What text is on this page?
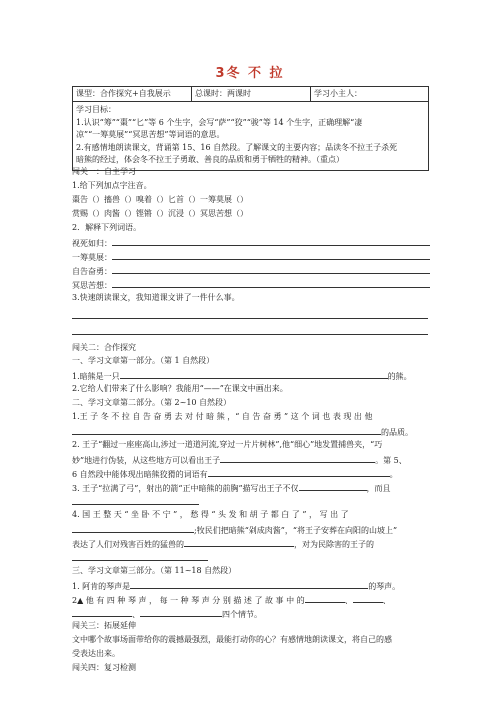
3冬 不 拉
课型：合作探究+自我展示	总课时：两课时	学习小主人：
学习目标：
1.认识“筹”“棗”“匕”等 6 个生字，会写“萨”“狡”“骏”等 14 个生字，正确理解“凄
凉”“一筹莫展”“冥思苦想”等词语的意思。
2.有感情地朗读课文，背诵第 15、16 自然段。了解课文的主要内容；品读冬不拉王子杀死
暗熊的经过，体会冬不拉王子勇敢、善良的品质和勇于牺牲的精神。（重点）
闯关一：自主学习
1.给下列加点字注音。
棗告（）搐兽（）嗅着（）匕首（）一筹莫展（）
赏赐（）肉酱（）铿锵（）沉浸（）冥思苦想（）
2．解释下列词语。
视死如归：
一筹莫展：
自告奋勇：
冥思苦想：
3.快速朗读课文，我知道课文讲了一件什么事。
闯关二：合作探究
一、学习文章第一部分。（第 1 自然段）
1.暗熊是一只	的熊。
2.它给人们带来了什么影响？我能用“——”在课文中画出来。
二、学习文章第二部分。（第 2~10 自然段）
1.王 子 冬 不 拉 自 告 奋 勇 去 对 付 暗 熊 ，“ 自 告 奋 勇 ” 这 个 词 也 表 现 出 他
的品质。
2. 王子“翻过一座座高山,涉过一道道河流,穿过一片片树林”,他“细心”地发置捕兽夹，“巧
妙”地进行伪装，从这些地方可以看出王子	。第 5、
6 自然段中能体现出暗熊狡猾的词语有	。
3. 王子“拉满了弓”，射出的箭“正中暗熊的前胸”描写出王子不仅	，而且
4. 国 王 整 天 “ 坐 卧 不 宁 ” ， 愁 得 “ 头 发 和 胡 子 都 白 了 ” ， 写 出 了
;牧民们把暗熊“剁成肉酱”，“将王子安葬在向阳的山坡上”
表达了人们对残害百姓的猛兽的	，对为民除害的王子的
三、学习文章第三部分。（第 11~18 自然段）
1. 阿肯的琴声是	的琴声。
2▲ 他 有 四 种 琴 声 ， 每 一 种 琴 声 分 别 描 述 了 故 事 中 的	、	、
、	四个情节。
闯关三：拓展延伸
文中哪个故事场面带给你的震撼最强烈，最能打动你的心？有感情地朗读课文，将自己的感
受表达出来。
闯关四：复习检测
